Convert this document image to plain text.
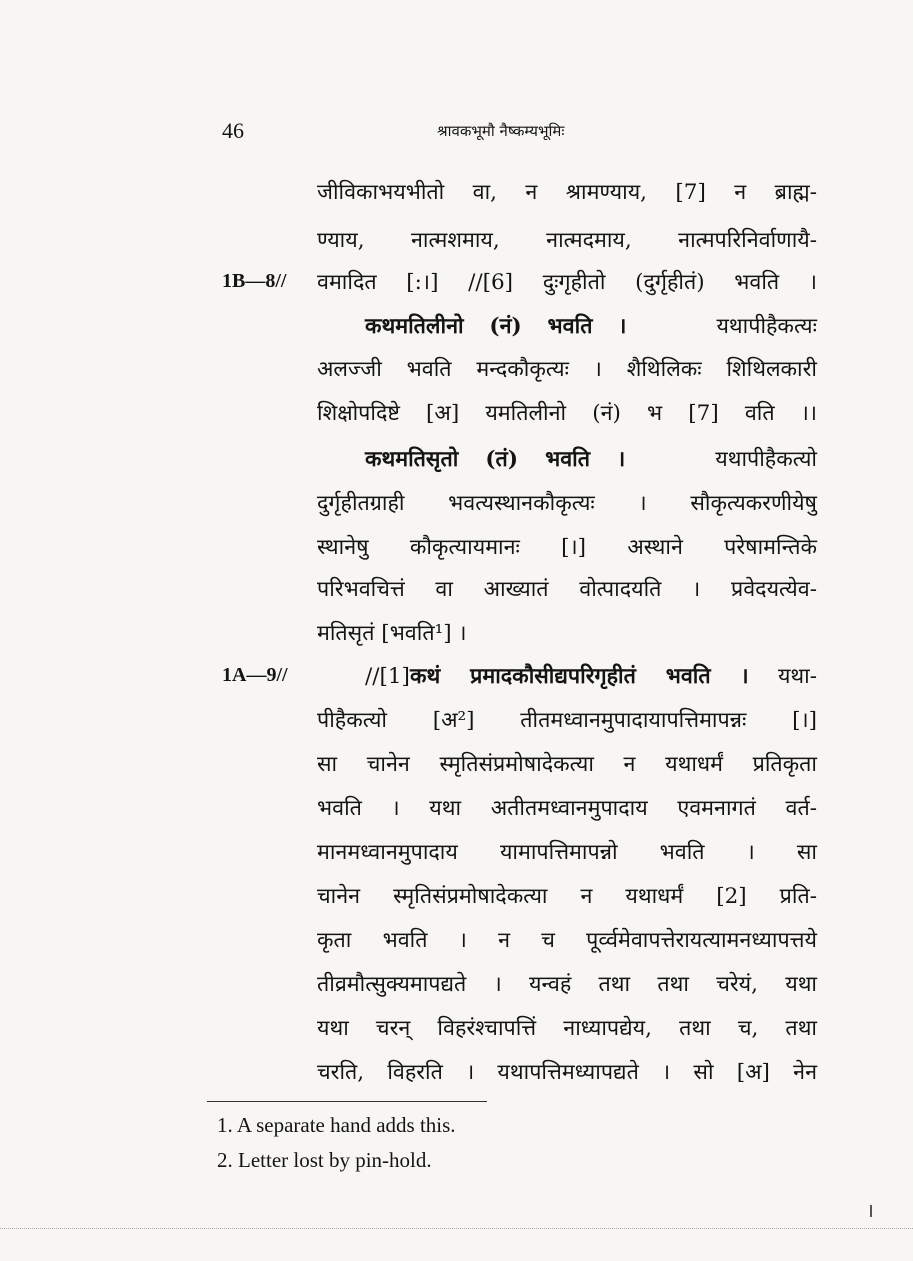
46	श्रावकभूमौ नैष्कम्यभूमिः
जीविकाभयभीतो वा, न श्रामण्याय, [7] न ब्राह्म-
ण्याय, नात्मशमाय, नात्मदमाय, नात्मपरिनिर्वाणायै-
1B—8// वमादित [:।] //[6] दुःगृहीतो (दुर्गृहीतं) भवति ।
कथमतिलीनो (नं) भवति ।	यथापीहैकत्यः
अलज्जी भवति मन्दकौकृत्यः । शैथिलिकः शिथिलकारी
शिक्षोपदिष्टे [अ] यमतिलीनो (नं) भ [7] वति ।।
कथमतिसृतो (तं) भवति ।	यथापीहैकत्यो
दुर्गृहीतग्राही भवत्यस्थानकौकृत्यः । सौकृत्यकरणीयेषु
स्थानेषु कौकृत्यायमानः [।] अस्थाने परेषामन्तिके
परिभवचित्तं वा आख्यातं वोत्पादयति । प्रवेदयत्येव-
मतिसृतं [भवति¹] ।
1A—9//	//[1]कथं प्रमादकौसीद्यपरिगृहीतं भवति । यथा-
पीहैकत्यो [अ²] तीतमध्वानमुपादायापत्तिमापन्नः [।]
सा चानेन स्मृतिसंप्रमोषादेकत्या न यथाधर्मं प्रतिकृता
भवति । यथा अतीतमध्वानमुपादाय एवमनागतं वर्त-
मानमध्वानमुपादाय यामापत्तिमापन्नो भवति । सा
चानेन स्मृतिसंप्रमोषादेकत्या न यथाधर्मं [2] प्रति-
कृता भवति । न च पूर्व्वमेवापत्तेरायत्यामनध्यापत्तये
तीव्रमौत्सुक्यमापद्यते । यन्वहं तथा तथा चरेयं, यथा
यथा चरन् विहरंश्चापत्तिं नाध्यापद्येय, तथा च, तथा
चरति, विहरति । यथापत्तिमध्यापद्यते । सो [अ] नेन
1. A separate hand adds this.
2. Letter lost by pin-hold.
